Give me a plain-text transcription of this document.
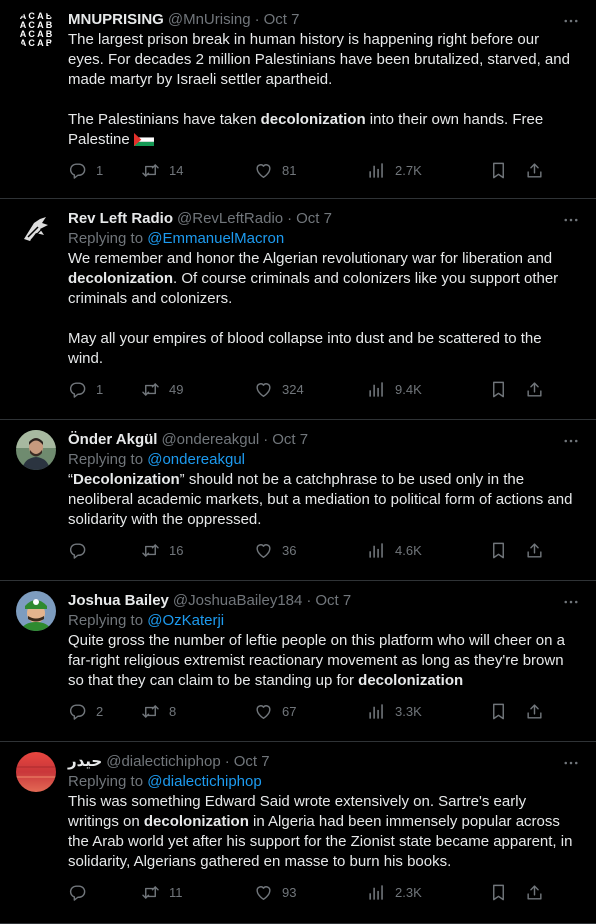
A C A B
A C A B
A C A B
A C A B
MNUPRISING @MnUrising · Oct 7

The largest prison break in human history is happening right before our eyes. For decades 2 million Palestinians have been brutalized, starved, and made martyr by Israeli settler apartheid.

The Palestinians have taken decolonization into their own hands. Free Palestine

1	14	81	2.7K
Rev Left Radio @RevLeftRadio · Oct 7
Replying to @EmmanuelMacron

We remember and honor the Algerian revolutionary war for liberation and decolonization. Of course criminals and colonizers like you support other criminals and colonizers.

May all your empires of blood collapse into dust and be scattered to the wind.

1	49	324	9.4K
Önder Akgül @ondereakgul · Oct 7
Replying to @ondereakgul

“Decolonization” should not be a catchphrase to be used only in the neoliberal academic markets, but a mediation to political form of actions and solidarity with the oppressed.

16	36	4.6K
Joshua Bailey @JoshuaBailey184 · Oct 7
Replying to @OzKaterji

Quite gross the number of leftie people on this platform who will cheer on a far-right religious extremist reactionary movement as long as they're brown so that they can claim to be standing up for decolonization

2	8	67	3.3K
حيدر @dialectichiphop · Oct 7
Replying to @dialectichiphop

This was something Edward Said wrote extensively on. Sartre's early writings on decolonization in Algeria had been immensely popular across the Arab world yet after his support for the Zionist state became apparent, in solidarity, Algerians gathered en masse to burn his books.

11	93	2.3K
